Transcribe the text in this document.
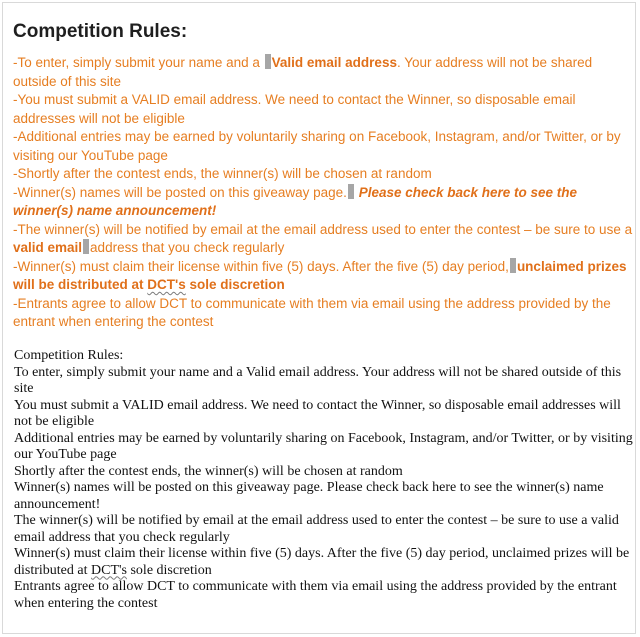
Competition Rules:

-To enter, simply submit your name and a Valid email address. Your address will not be shared outside of this site

-You must submit a VALID email address. We need to contact the Winner, so disposable email addresses will not be eligible

-Additional entries may be earned by voluntarily sharing on Facebook, Instagram, and/or Twitter, or by visiting our YouTube page

-Shortly after the contest ends, the winner(s) will be chosen at random

-Winner(s) names will be posted on this giveaway page. Please check back here to see the winner(s) name announcement!

-The winner(s) will be notified by email at the email address used to enter the contest – be sure to use a valid email address that you check regularly

-Winner(s) must claim their license within five (5) days. After the five (5) day period, unclaimed prizes will be distributed at DCT's sole discretion

-Entrants agree to allow DCT to communicate with them via email using the address provided by the entrant when entering the contest

Competition Rules:

To enter, simply submit your name and a Valid email address. Your address will not be shared outside of this site

You must submit a VALID email address. We need to contact the Winner, so disposable email addresses will not be eligible

Additional entries may be earned by voluntarily sharing on Facebook, Instagram, and/or Twitter, or by visiting our YouTube page

Shortly after the contest ends, the winner(s) will be chosen at random

Winner(s) names will be posted on this giveaway page. Please check back here to see the winner(s) name announcement!

The winner(s) will be notified by email at the email address used to enter the contest – be sure to use a valid email address that you check regularly

Winner(s) must claim their license within five (5) days. After the five (5) day period, unclaimed prizes will be distributed at DCT's sole discretion

Entrants agree to allow DCT to communicate with them via email using the address provided by the entrant when entering the contest
